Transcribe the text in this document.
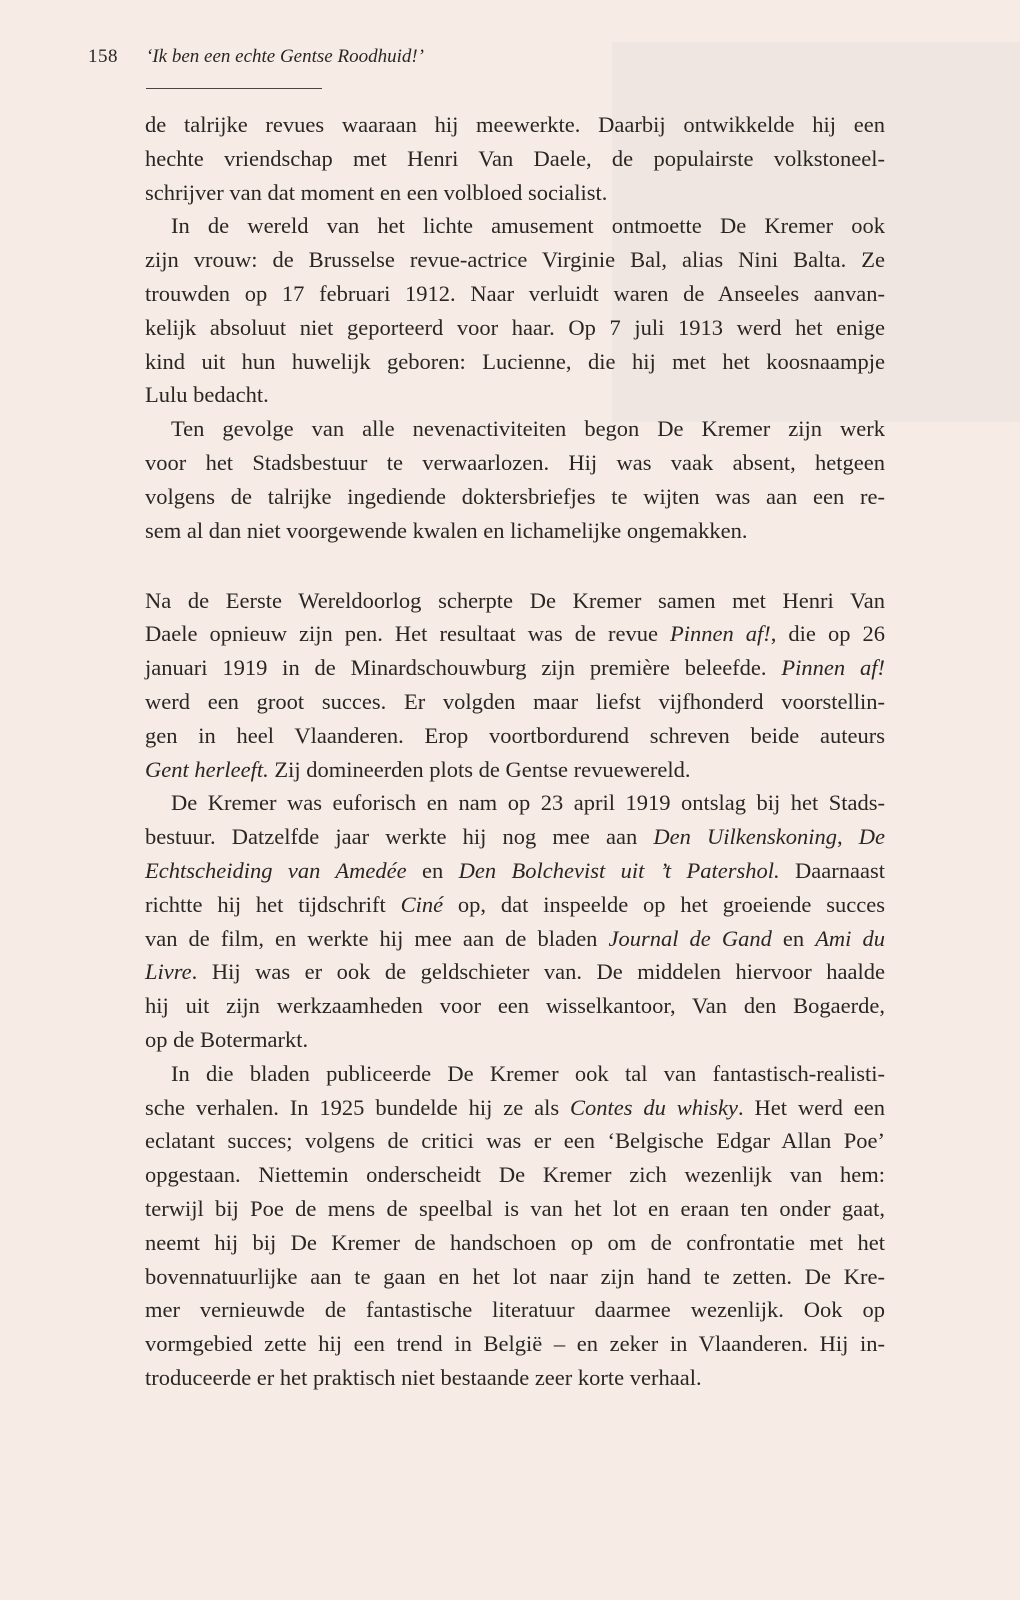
158 ‘Ik ben een echte Gentse Roodhuid!’
de talrijke revues waaraan hij meewerkte. Daarbij ontwikkelde hij een
hechte vriendschap met Henri Van Daele, de populairste volkstoneel-
schrijver van dat moment en een volbloed socialist.
In de wereld van het lichte amusement ontmoette De Kremer ook
zijn vrouw: de Brusselse revue-actrice Virginie Bal, alias Nini Balta. Ze
trouwden op 17 februari 1912. Naar verluidt waren de Anseeles aanvan-
kelijk absoluut niet geporteerd voor haar. Op 7 juli 1913 werd het enige
kind uit hun huwelijk geboren: Lucienne, die hij met het koosnaampje
Lulu bedacht.
Ten gevolge van alle nevenactiviteiten begon De Kremer zijn werk
voor het Stadsbestuur te verwaarlozen. Hij was vaak absent, hetgeen
volgens de talrijke ingediende doktersbriefjes te wijten was aan een re-
sem al dan niet voorgewende kwalen en lichamelijke ongemakken.
Na de Eerste Wereldoorlog scherpte De Kremer samen met Henri Van
Daele opnieuw zijn pen. Het resultaat was de revue Pinnen af!, die op 26
januari 1919 in de Minardschouwburg zijn première beleefde. Pinnen af!
werd een groot succes. Er volgden maar liefst vijfhonderd voorstellin-
gen in heel Vlaanderen. Erop voortbordurend schreven beide auteurs
Gent herleeft. Zij domineerden plots de Gentse revuewereld.
De Kremer was euforisch en nam op 23 april 1919 ontslag bij het Stads-
bestuur. Datzelfde jaar werkte hij nog mee aan Den Uilkenskoning, De
Echtscheiding van Amedée en Den Bolchevist uit ’t Patershol. Daarnaast
richtte hij het tijdschrift Ciné op, dat inspeelde op het groeiende succes
van de film, en werkte hij mee aan de bladen Journal de Gand en Ami du
Livre. Hij was er ook de geldschieter van. De middelen hiervoor haalde
hij uit zijn werkzaamheden voor een wisselkantoor, Van den Bogaerde,
op de Botermarkt.
In die bladen publiceerde De Kremer ook tal van fantastisch-realisti-
sche verhalen. In 1925 bundelde hij ze als Contes du whisky. Het werd een
eclatant succes; volgens de critici was er een ‘Belgische Edgar Allan Poe’
opgestaan. Niettemin onderscheidt De Kremer zich wezenlijk van hem:
terwijl bij Poe de mens de speelbal is van het lot en eraan ten onder gaat,
neemt hij bij De Kremer de handschoen op om de confrontatie met het
bovennatuurlijke aan te gaan en het lot naar zijn hand te zetten. De Kre-
mer vernieuwde de fantastische literatuur daarmee wezenlijk. Ook op
vormgebied zette hij een trend in België – en zeker in Vlaanderen. Hij in-
troduceerde er het praktisch niet bestaande zeer korte verhaal.
